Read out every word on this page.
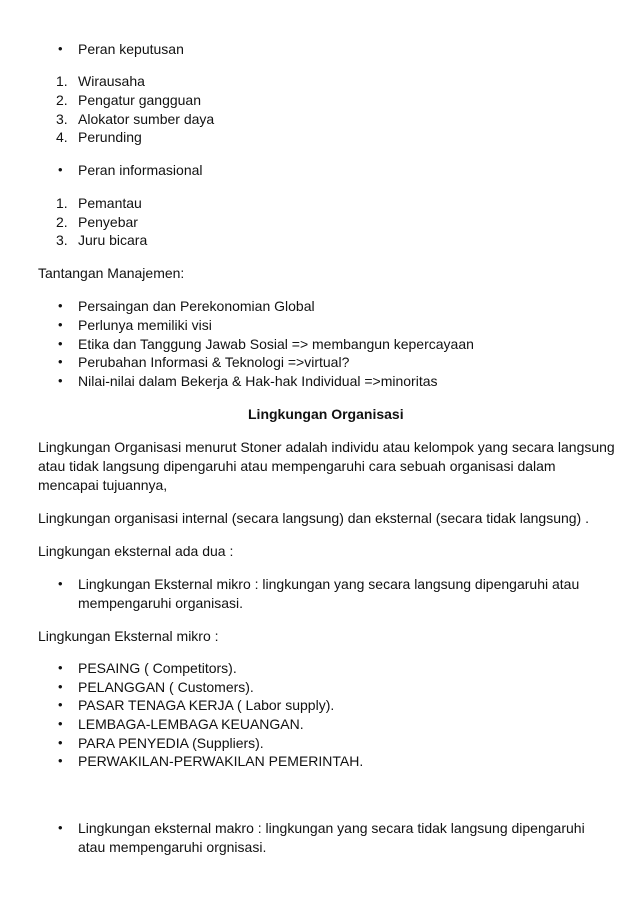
• Peran keputusan
1. Wirausaha
2. Pengatur gangguan
3. Alokator sumber daya
4. Perunding
• Peran informasional
1. Pemantau
2. Penyebar
3. Juru bicara
Tantangan Manajemen:
• Persaingan dan Perekonomian Global
• Perlunya memiliki visi
• Etika dan Tanggung Jawab Sosial => membangun kepercayaan
• Perubahan Informasi & Teknologi =>virtual?
• Nilai-nilai dalam Bekerja & Hak-hak Individual =>minoritas
Lingkungan Organisasi
Lingkungan Organisasi menurut Stoner adalah individu atau kelompok yang secara langsung
atau tidak langsung dipengaruhi atau mempengaruhi cara sebuah organisasi dalam
mencapai tujuannya,
Lingkungan organisasi internal (secara langsung) dan eksternal (secara tidak langsung) .
Lingkungan eksternal ada dua :
• Lingkungan Eksternal mikro : lingkungan yang secara langsung dipengaruhi atau
mempengaruhi organisasi.
Lingkungan Eksternal mikro :
• PESAING ( Competitors).
• PELANGGAN ( Customers).
• PASAR TENAGA KERJA ( Labor supply).
• LEMBAGA-LEMBAGA KEUANGAN.
• PARA PENYEDIA (Suppliers).
• PERWAKILAN-PERWAKILAN PEMERINTAH.
• Lingkungan eksternal makro : lingkungan yang secara tidak langsung dipengaruhi
atau mempengaruhi orgnisasi.
